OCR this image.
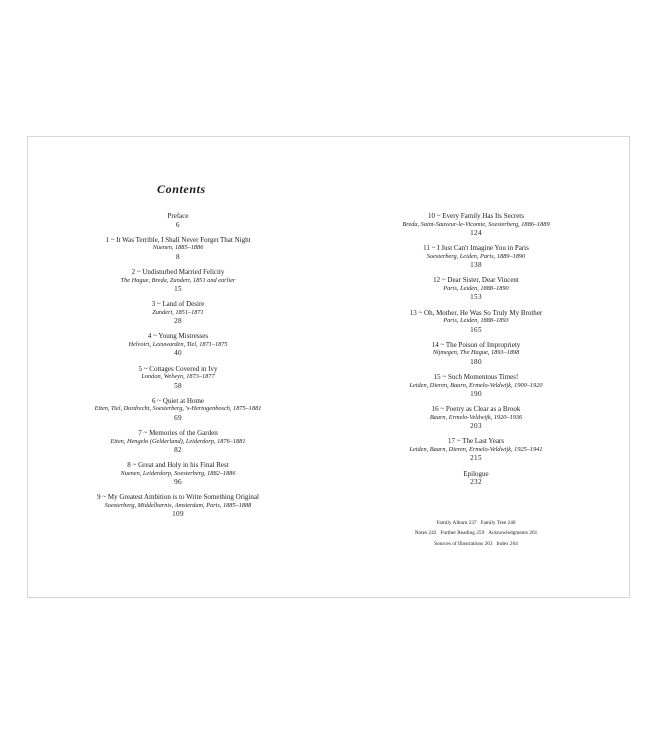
Contents
Preface
6
1 ~ It Was Terrible, I Shall Never Forget That Night
Nuenen, 1885–1886
8
2 ~ Undisturbed Married Felicity
The Hague, Breda, Zundert, 1851 and earlier
15
3 ~ Land of Desire
Zundert, 1851–1871
28
4 ~ Young Mistresses
Helvoirt, Leeuwarden, Tiel, 1871–1875
40
5 ~ Cottages Covered in Ivy
London, Welwyn, 1873–1877
58
6 ~ Quiet at Home
Etten, Tiel, Dordrecht, Soesterberg, 's-Hertogenbosch, 1875–1881
69
7 ~ Memories of the Garden
Etten, Hengelo (Gelderland), Leiderdorp, 1876–1881
82
8 ~ Great and Holy in his Final Rest
Nuenen, Leiderdorp, Soesterberg, 1882–1886
96
9 ~ My Greatest Ambition is to Write Something Original
Soesterberg, Middelharnis, Amsterdam, Paris, 1885–1888
109
10 ~ Every Family Has Its Secrets
Breda, Saint-Sauveur-le-Vicomte, Soesterberg, 1886–1889
124
11 ~ I Just Can't Imagine You in Paris
Soesterberg, Leiden, Paris, 1889–1890
138
12 ~ Dear Sister, Dear Vincent
Paris, Leiden, 1888–1890
153
13 ~ Oh, Mother, He Was So Truly My Brother
Paris, Leiden, 1888–1893
165
14 ~ The Poison of Impropriety
Nijmegen, The Hague, 1893–1898
180
15 ~ Such Momentous Times!
Leiden, Dieren, Baarn, Ermelo-Veldwijk, 1900–1920
190
16 ~ Poetry as Clear as a Brook
Baarn, Ermelo-Veldwijk, 1920–1936
203
17 ~ The Last Years
Leiden, Baarn, Dieren, Ermelo-Veldwijk, 1925–1941
215
Epilogue
232
Family Album 237 Family Tree 240
Notes 242 Further Reading 259 Acknowledgments 261
Sources of Illustrations 263 Index 264
